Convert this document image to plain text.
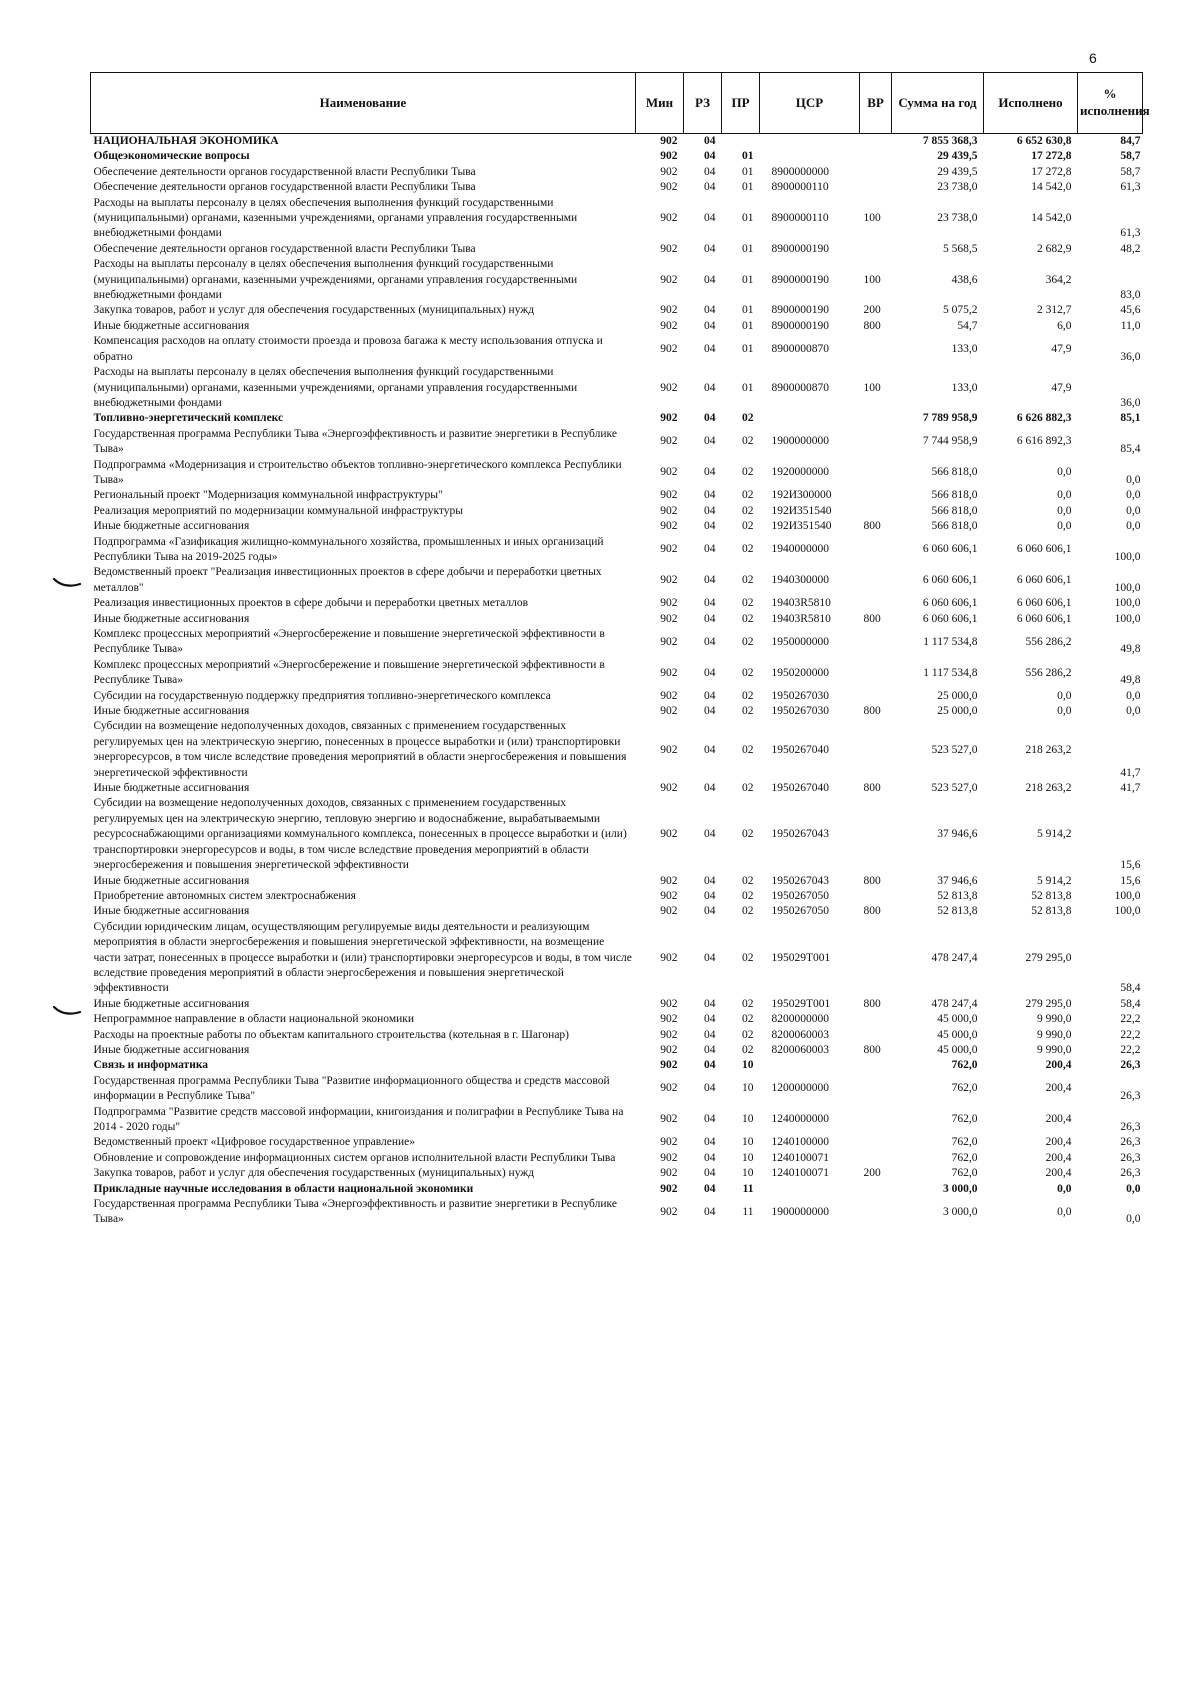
6
Наименование	Мин	РЗ	ПР	ЦСР	ВР	Сумма на год	Исполнено	% исполнения
НАЦИОНАЛЬНАЯ ЭКОНОМИКА	902	04				7 855 368,3	6 652 630,8	84,7
Общеэкономические вопросы	902	04	01			29 439,5	17 272,8	58,7
Обеспечение деятельности органов государственной власти Республики Тыва	902	04	01	8900000000		29 439,5	17 272,8	58,7
Обеспечение деятельности органов государственной власти Республики Тыва	902	04	01	8900000110		23 738,0	14 542,0	61,3
Расходы на выплаты персоналу в целях обеспечения выполнения функций государственными (муниципальными) органами, казенными учреждениями, органами управления государственными внебюджетными фондами	902	04	01	8900000110	100	23 738,0	14 542,0	61,3
Обеспечение деятельности органов государственной власти Республики Тыва	902	04	01	8900000190		5 568,5	2 682,9	48,2
Расходы на выплаты персоналу в целях обеспечения выполнения функций государственными (муниципальными) органами, казенными учреждениями, органами управления государственными внебюджетными фондами	902	04	01	8900000190	100	438,6	364,2	83,0
Закупка товаров, работ и услуг для обеспечения государственных (муниципальных) нужд	902	04	01	8900000190	200	5 075,2	2 312,7	45,6
Иные бюджетные ассигнования	902	04	01	8900000190	800	54,7	6,0	11,0
Компенсация расходов на оплату стоимости проезда и провоза багажа к месту использования отпуска и обратно	902	04	01	8900000870		133,0	47,9	36,0
Расходы на выплаты персоналу в целях обеспечения выполнения функций государственными (муниципальными) органами, казенными учреждениями, органами управления государственными внебюджетными фондами	902	04	01	8900000870	100	133,0	47,9	36,0
Топливно-энергетический комплекс	902	04	02			7 789 958,9	6 626 882,3	85,1
Государственная программа Республики Тыва «Энергоэффективность и развитие энергетики в Республике Тыва»	902	04	02	1900000000		7 744 958,9	6 616 892,3	85,4
Подпрограмма «Модернизация и строительство объектов топливно-энергетического комплекса Республики Тыва»	902	04	02	1920000000		566 818,0	0,0	0,0
Региональный проект "Модернизация коммунальной инфраструктуры"	902	04	02	192И300000		566 818,0	0,0	0,0
Реализация мероприятий по модернизации коммунальной инфраструктуры	902	04	02	192И351540		566 818,0	0,0	0,0
Иные бюджетные ассигнования	902	04	02	192И351540	800	566 818,0	0,0	0,0
Подпрограмма «Газификация жилищно-коммунального хозяйства, промышленных и иных организаций Республики Тыва на 2019-2025 годы»	902	04	02	1940000000		6 060 606,1	6 060 606,1	100,0
Ведомственный проект "Реализация инвестиционных проектов в сфере добычи и переработки цветных металлов"	902	04	02	1940300000		6 060 606,1	6 060 606,1	100,0
Реализация инвестиционных проектов в сфере добычи и переработки цветных металлов	902	04	02	19403R5810		6 060 606,1	6 060 606,1	100,0
Иные бюджетные ассигнования	902	04	02	19403R5810	800	6 060 606,1	6 060 606,1	100,0
Комплекс процессных мероприятий «Энергосбережение и повышение энергетической эффективности в Республике Тыва»	902	04	02	1950000000		1 117 534,8	556 286,2	49,8
Комплекс процессных мероприятий «Энергосбережение и повышение энергетической эффективности в Республике Тыва»	902	04	02	1950200000		1 117 534,8	556 286,2	49,8
Субсидии на государственную поддержку предприятия топливно-энергетического комплекса	902	04	02	1950267030		25 000,0	0,0	0,0
Иные бюджетные ассигнования	902	04	02	1950267030	800	25 000,0	0,0	0,0
Субсидии на возмещение недополученных доходов, связанных с применением государственных регулируемых цен на электрическую энергию, понесенных в процессе выработки и (или) транспортировки энергоресурсов, в том числе вследствие проведения мероприятий в области энергосбережения и повышения энергетической эффективности	902	04	02	1950267040		523 527,0	218 263,2	41,7
Иные бюджетные ассигнования	902	04	02	1950267040	800	523 527,0	218 263,2	41,7
Субсидии на возмещение недополученных доходов, связанных с применением государственных регулируемых цен на электрическую энергию, тепловую энергию и водоснабжение, вырабатываемыми ресурсоснабжающими организациями коммунального комплекса, понесенных в процессе выработки и (или) транспортировки энергоресурсов и воды, в том числе вследствие проведения мероприятий в области энергосбережения и повышения энергетической эффективности	902	04	02	1950267043		37 946,6	5 914,2	15,6
Иные бюджетные ассигнования	902	04	02	1950267043	800	37 946,6	5 914,2	15,6
Приобретение автономных систем электроснабжения	902	04	02	1950267050		52 813,8	52 813,8	100,0
Иные бюджетные ассигнования	902	04	02	1950267050	800	52 813,8	52 813,8	100,0
Субсидии юридическим лицам, осуществляющим регулируемые виды деятельности и реализующим мероприятия в области энергосбережения и повышения энергетической эффективности, на возмещение части затрат, понесенных в процессе выработки и (или) транспортировки энергоресурсов и воды, в том числе вследствие проведения мероприятий в области энергосбережения и повышения энергетической эффективности	902	04	02	195029T001		478 247,4	279 295,0	58,4
Иные бюджетные ассигнования	902	04	02	195029T001	800	478 247,4	279 295,0	58,4
Непрограммное направление в области национальной экономики	902	04	02	8200000000		45 000,0	9 990,0	22,2
Расходы на проектные работы по объектам капитального строительства (котельная в г. Шагонар)	902	04	02	8200060003		45 000,0	9 990,0	22,2
Иные бюджетные ассигнования	902	04	02	8200060003	800	45 000,0	9 990,0	22,2
Связь и информатика	902	04	10			762,0	200,4	26,3
Государственная программа Республики Тыва "Развитие информационного общества и средств массовой информации в Республике Тыва"	902	04	10	1200000000		762,0	200,4	26,3
Подпрограмма "Развитие средств массовой информации, книгоиздания и полиграфии в Республике Тыва на 2014 - 2020 годы"	902	04	10	1240000000		762,0	200,4	26,3
Ведомственный проект «Цифровое государственное управление»	902	04	10	1240100000		762,0	200,4	26,3
Обновление и сопровождение информационных систем органов исполнительной власти Республики Тыва	902	04	10	1240100071		762,0	200,4	26,3
Закупка товаров, работ и услуг для обеспечения государственных (муниципальных) нужд	902	04	10	1240100071	200	762,0	200,4	26,3
Прикладные научные исследования в области национальной экономики	902	04	11			3 000,0	0,0	0,0
Государственная программа Республики Тыва «Энергоэффективность и развитие энергетики в Республике Тыва»	902	04	11	1900000000		3 000,0	0,0	0,0
